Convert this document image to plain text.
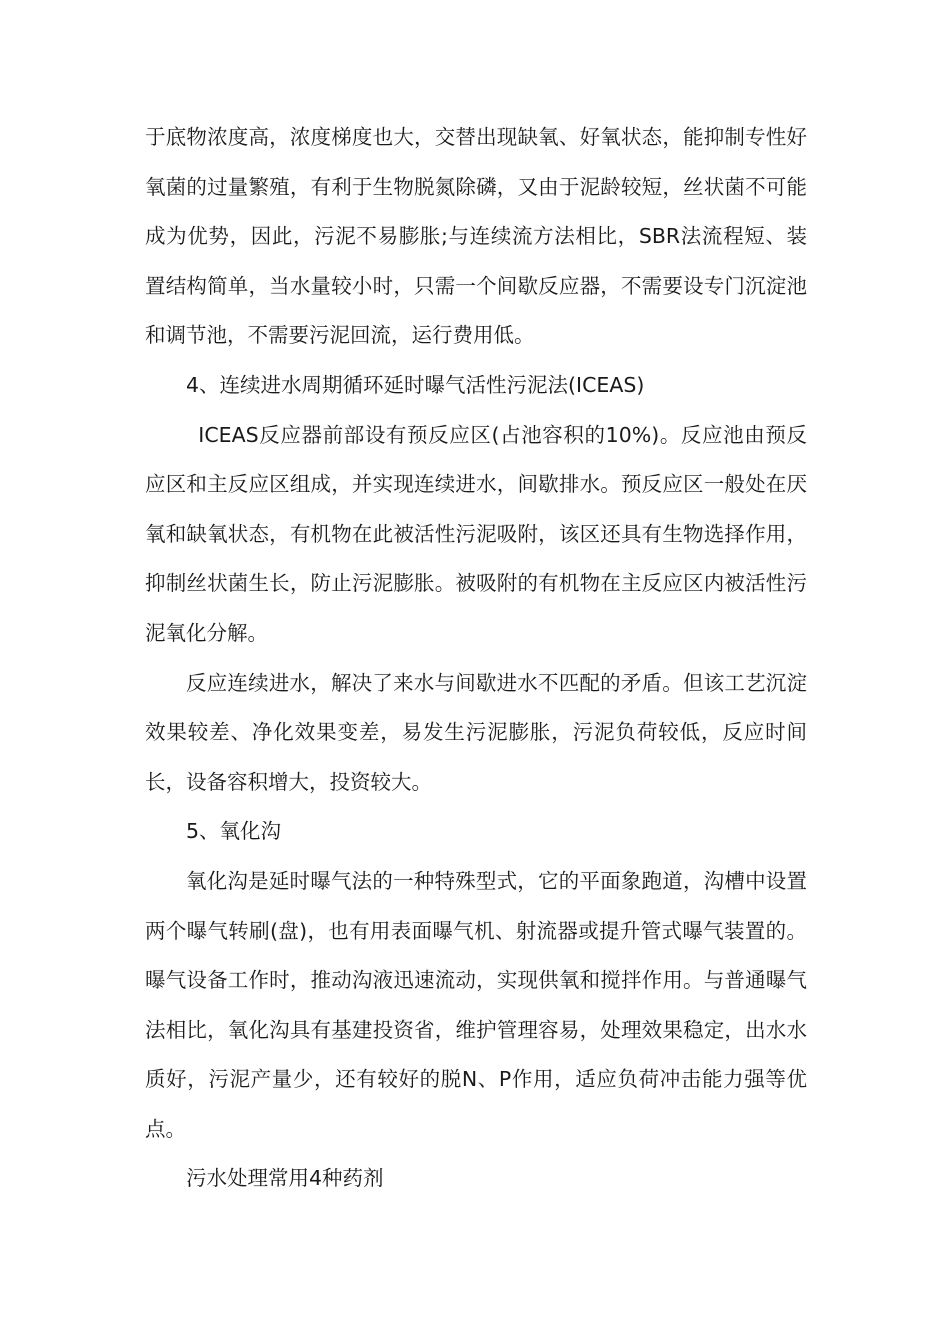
于底物浓度高，浓度梯度也大，交替出现缺氧、好氧状态，能抑制专性好氧菌的过量繁殖，有利于生物脱氮除磷，又由于泥龄较短，丝状菌不可能成为优势，因此，污泥不易膨胀;与连续流方法相比，SBR法流程短、装置结构简单，当水量较小时，只需一个间歇反应器，不需要设专门沉淀池和调节池，不需要污泥回流，运行费用低。

4、连续进水周期循环延时曝气活性污泥法(ICEAS)

ICEAS反应器前部设有预反应区(占池容积的10%)。反应池由预反应区和主反应区组成，并实现连续进水，间歇排水。预反应区一般处在厌氧和缺氧状态，有机物在此被活性污泥吸附，该区还具有生物选择作用，抑制丝状菌生长，防止污泥膨胀。被吸附的有机物在主反应区内被活性污泥氧化分解。

反应连续进水，解决了来水与间歇进水不匹配的矛盾。但该工艺沉淀效果较差、净化效果变差，易发生污泥膨胀，污泥负荷较低，反应时间长，设备容积增大，投资较大。

5、氧化沟

氧化沟是延时曝气法的一种特殊型式，它的平面象跑道，沟槽中设置两个曝气转刷(盘)，也有用表面曝气机、射流器或提升管式曝气装置的。曝气设备工作时，推动沟液迅速流动，实现供氧和搅拌作用。与普通曝气法相比，氧化沟具有基建投资省，维护管理容易，处理效果稳定，出水水质好，污泥产量少，还有较好的脱N、P作用，适应负荷冲击能力强等优点。

污水处理常用4种药剂
